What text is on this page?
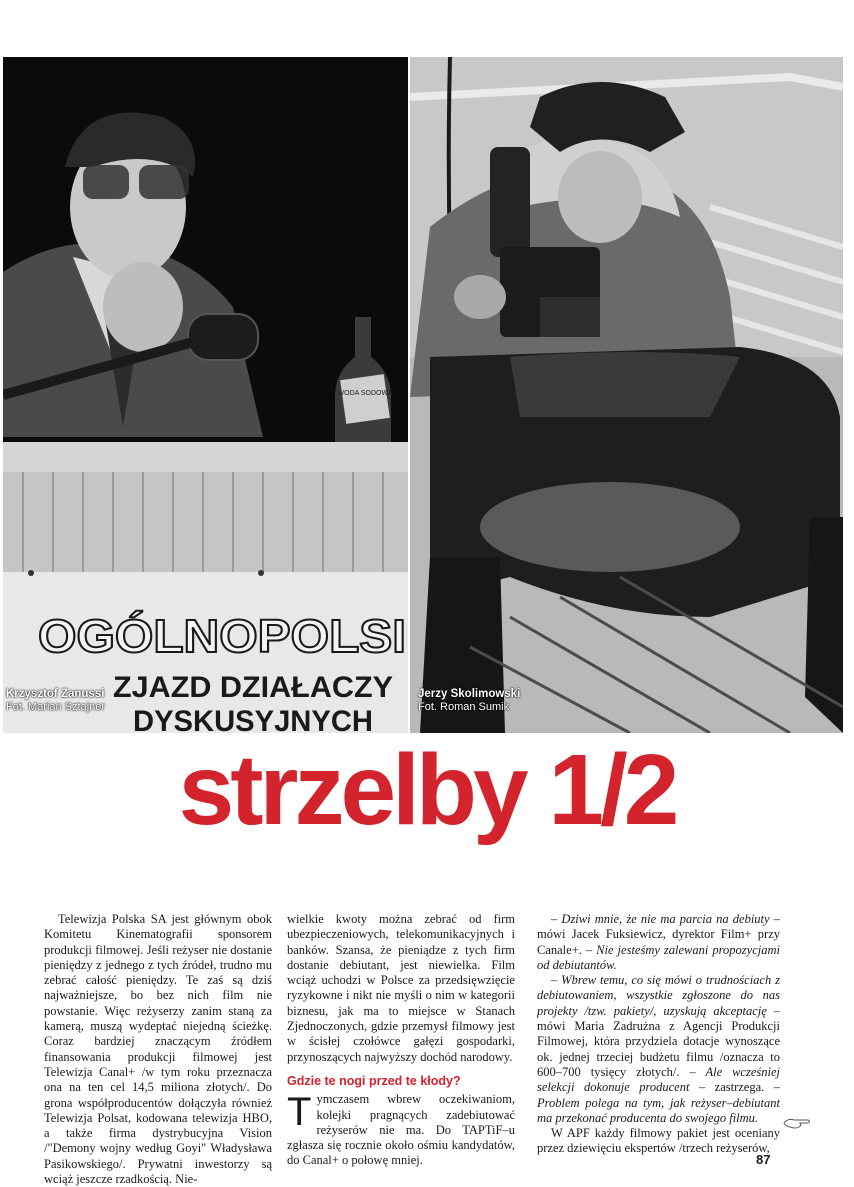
WODA SODOWA
OGÓLNOPOLSI
ZJAZD DZIAŁACZY
DYSKUSYJNYCH
Krzysztof Zanussi
Fot. Marian Sztajner
Jerzy Skolimowski
Fot. Roman Sumik
strzelby 1/2

Telewizja Polska SA jest głównym obok Komitetu Kinematografii sponsorem produkcji filmowej. Jeśli reżyser nie dostanie pieniędzy z jednego z tych źródeł, trudno mu zebrać całość pieniędzy. Te zaś są dziś najważniejsze, bo bez nich film nie powstanie. Więc reżyserzy zanim staną za kamerą, muszą wydeptać niejedną ścieżkę. Coraz bardziej znaczącym źródłem finansowania produkcji filmowej jest Telewizja Canal+ /w tym roku przeznacza ona na ten cel 14,5 miliona złotych/. Do grona współproducentów dołączyła również Telewizja Polsat, kodowana telewizja HBO, a także firma dystrybucyjna Vision /"Demony wojny według Goyi" Władysława Pasikowskiego/. Prywatni inwestorzy są wciąż jeszcze rzadkością. Nie-

wielkie kwoty można zebrać od firm ubezpieczeniowych, telekomunikacyjnych i banków. Szansa, że pieniądze z tych firm dostanie debiutant, jest niewielka. Film wciąż uchodzi w Polsce za przedsięwzięcie ryzykowne i nikt nie myśli o nim w kategorii biznesu, jak ma to miejsce w Stanach Zjednoczonych, gdzie przemysł filmowy jest w ścisłej czołówce gałęzi gospodarki, przynoszących najwyższy dochód narodowy.

Gdzie te nogi przed te kłody?

Tymczasem wbrew oczekiwaniom, kolejki pragnących zadebiutować reżyserów nie ma. Do TAPTiF–u zgłasza się rocznie około ośmiu kandydatów, do Canal+ o połowę mniej.

– Dziwi mnie, że nie ma parcia na debiuty – mówi Jacek Fuksiewicz, dyrektor Film+ przy Canale+. – Nie jesteśmy zalewani propozycjami od debiutantów.

– Wbrew temu, co się mówi o trudnościach z debiutowaniem, wszystkie zgłoszone do nas projekty /tzw. pakiety/, uzyskują akceptację – mówi Maria Zadrużna z Agencji Produkcji Filmowej, która przydziela dotacje wynoszące ok. jednej trzeciej budżetu filmu /oznacza to 600–700 tysięcy złotych/. – Ale wcześniej selekcji dokonuje producent – zastrzega. – Problem polega na tym, jak reżyser–debiutant ma przekonać producenta do swojego filmu.

W APF każdy filmowy pakiet jest oceniany przez dziewięciu ekspertów /trzech reżyserów,

87
